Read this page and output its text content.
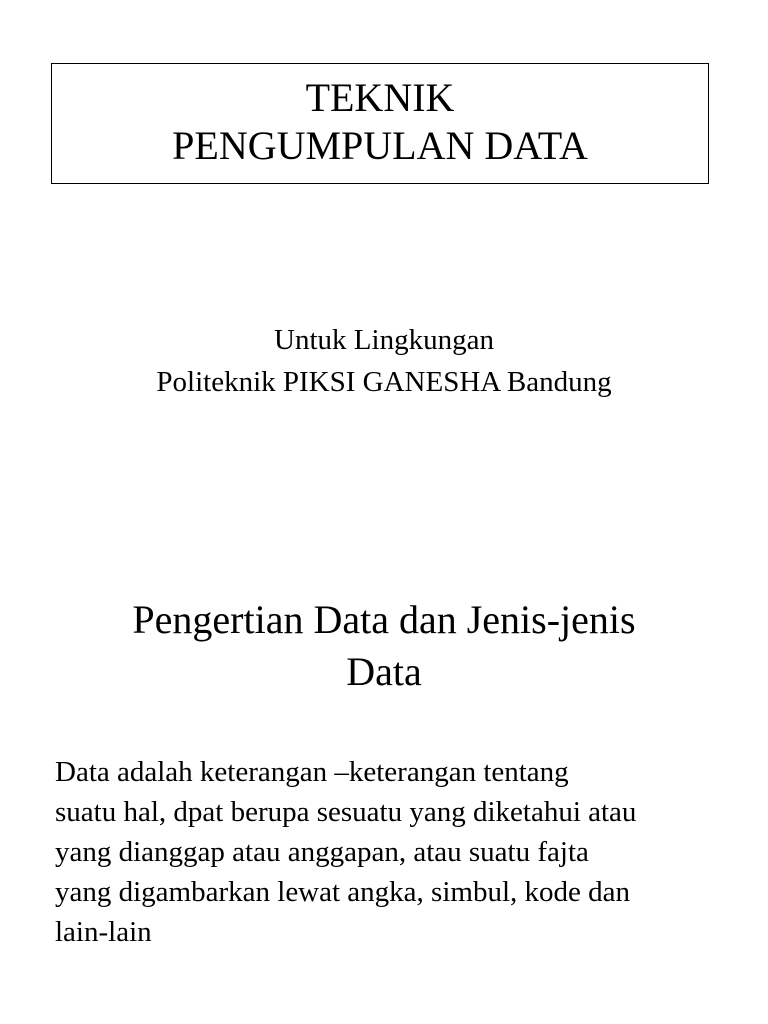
TEKNIK
PENGUMPULAN DATA
Untuk Lingkungan
Politeknik PIKSI GANESHA Bandung
Pengertian Data dan Jenis-jenis
Data
Data adalah keterangan –keterangan tentang
suatu hal, dpat berupa sesuatu yang diketahui atau
yang dianggap atau anggapan, atau suatu fajta
yang digambarkan lewat angka, simbul, kode dan
lain-lain
